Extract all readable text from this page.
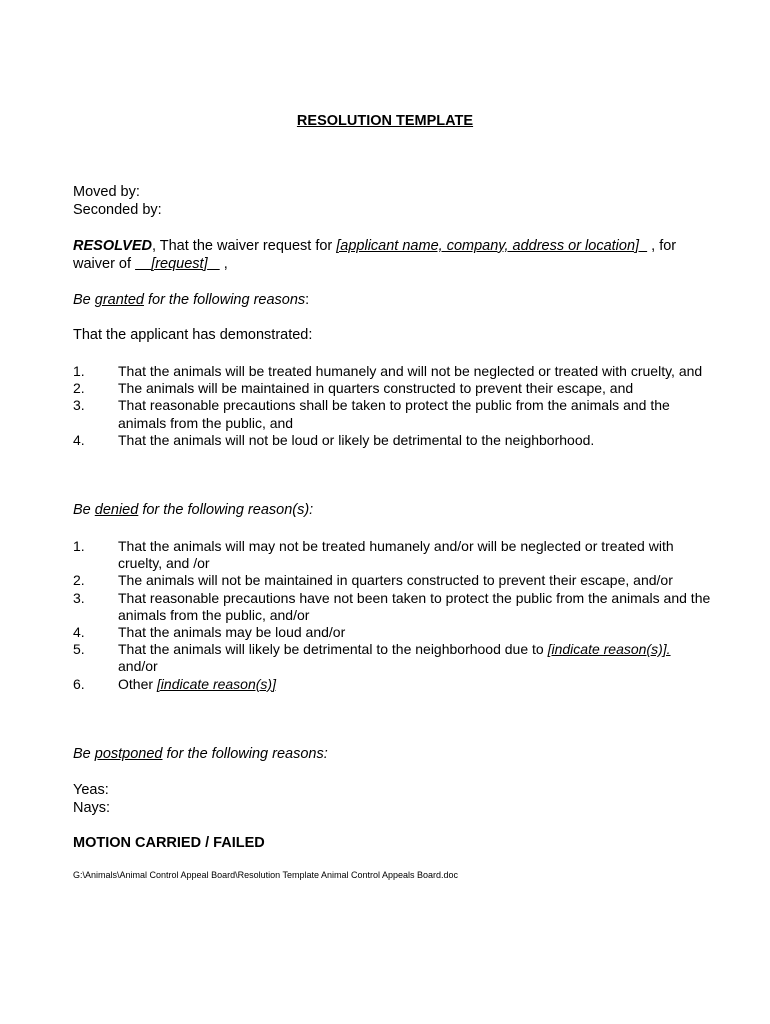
RESOLUTION TEMPLATE
Moved by:
Seconded by:
RESOLVED, That the waiver request for [applicant name, company, address or location]   , for
waiver of     [request]    ,
Be granted for the following reasons:
That the applicant has demonstrated:
1. That the animals will be treated humanely and will not be neglected or treated with cruelty, and
2. The animals will be maintained in quarters constructed to prevent their escape, and
3. That reasonable precautions shall be taken to protect the public from the animals and the animals from the public, and
4. That the animals will not be loud or likely be detrimental to the neighborhood.
Be denied for the following reason(s):
1. That the animals will may not be treated humanely and/or will be neglected or treated with cruelty, and /or
2. The animals will not be maintained in quarters constructed to prevent their escape, and/or
3. That reasonable precautions have not been taken to protect the public from the animals and the animals from the public, and/or
4. That the animals may be loud and/or
5. That the animals will likely be detrimental to the neighborhood due to [indicate reason(s)].
and/or
6. Other [indicate reason(s)]
Be postponed for the following reasons:
Yeas:
Nays:
MOTION CARRIED / FAILED
G:\Animals\Animal Control Appeal Board\Resolution Template Animal Control Appeals Board.doc
